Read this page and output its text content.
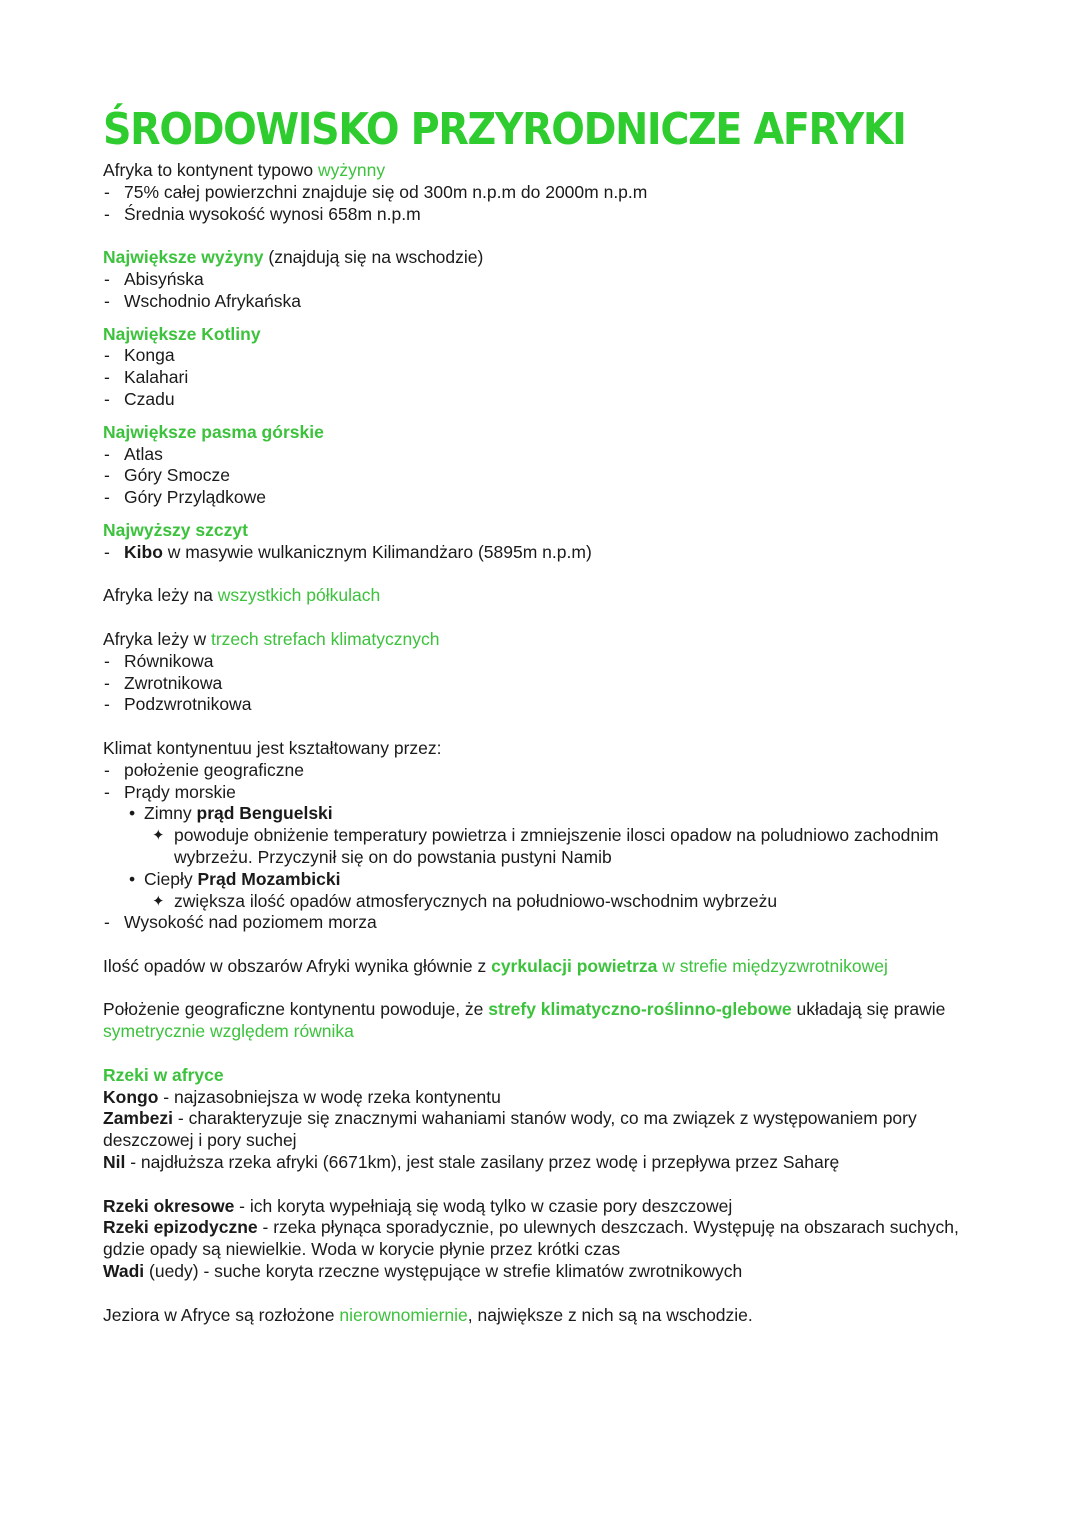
ŚRODOWISKO PRZYRODNICZE AFRYKI

Afryka to kontynent typowo wyżynny

- 75% całej powierzchni znajduje się od 300m n.p.m do 2000m n.p.m
- Średnia wysokość wynosi 658m n.p.m

Największe wyżyny (znajdują się na wschodzie)

- Abisyńska
- Wschodnio Afrykańska

Największe Kotliny

- Konga
- Kalahari
- Czadu

Największe pasma górskie

- Atlas
- Góry Smocze
- Góry Przylądkowe

Najwyższy szczyt

- Kibo w masywie wulkanicznym Kilimandżaro (5895m n.p.m)

Afryka leży na wszystkich półkulach

Afryka leży w trzech strefach klimatycznych

- Równikowa
- Zwrotnikowa
- Podzwrotnikowa

Klimat kontynentuu jest kształtowany przez:

- położenie geograficzne
- Prądy morskie
• Zimny prąd Benguelski
✦ powoduje obniżenie temperatury powietrza i zmniejszenie ilosci opadow na poludniowo zachodnim wybrzeżu. Przyczynił się on do powstania pustyni Namib
• Ciepły Prąd Mozambicki
✦ zwiększa ilość opadów atmosferycznych na południowo-wschodnim wybrzeżu
- Wysokość nad poziomem morza

Ilość opadów w obszarów Afryki wynika głównie z cyrkulacji powietrza w strefie międzyzwrotnikowej

Położenie geograficzne kontynentu powoduje, że strefy klimatyczno-roślinno-glebowe układają się prawie symetrycznie względem równika

Rzeki w afryce

Kongo - najzasobniejsza w wodę rzeka kontynentu

Zambezi - charakteryzuje się znacznymi wahaniami stanów wody, co ma związek z występowaniem pory deszczowej i pory suchej

Nil - najdłuższa rzeka afryki (6671km), jest stale zasilany przez wodę i przepływa przez Saharę

Rzeki okresowe - ich koryta wypełniają się wodą tylko w czasie pory deszczowej

Rzeki epizodyczne - rzeka płynąca sporadycznie, po ulewnych deszczach. Występuję na obszarach suchych, gdzie opady są niewielkie. Woda w korycie płynie przez krótki czas

Wadi (uedy) - suche koryta rzeczne występujące w strefie klimatów zwrotnikowych

Jeziora w Afryce są rozłożone nierownomiernie, największe z nich są na wschodzie.
